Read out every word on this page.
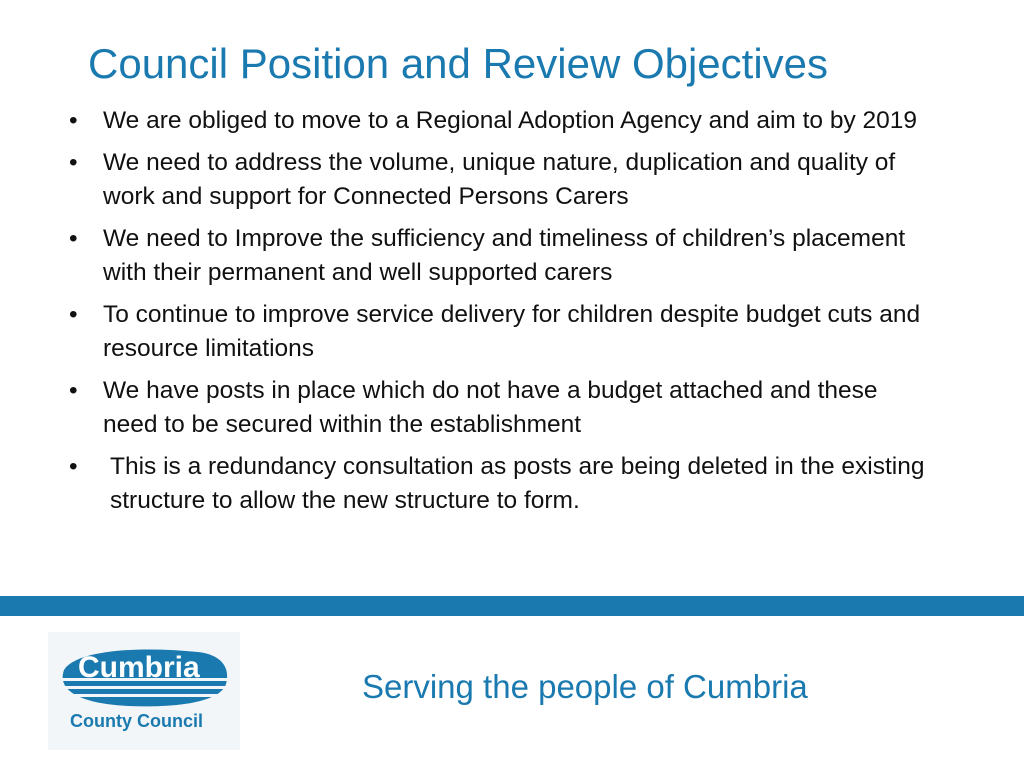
Council Position and Review Objectives
• We are obliged to move to a Regional Adoption Agency and aim to by 2019
• We need to address the volume, unique nature, duplication and quality of work and support for Connected Persons Carers
• We need to Improve the sufficiency and timeliness of children’s placement with their permanent and well supported carers
• To continue to improve service delivery for children despite budget cuts and resource limitations
• We have posts in place which do not have a budget attached and these need to be secured within the establishment
• This is a redundancy consultation as posts are being deleted in the existing structure to allow the new structure to form.
Cumbria
County Council
Serving the people of Cumbria
